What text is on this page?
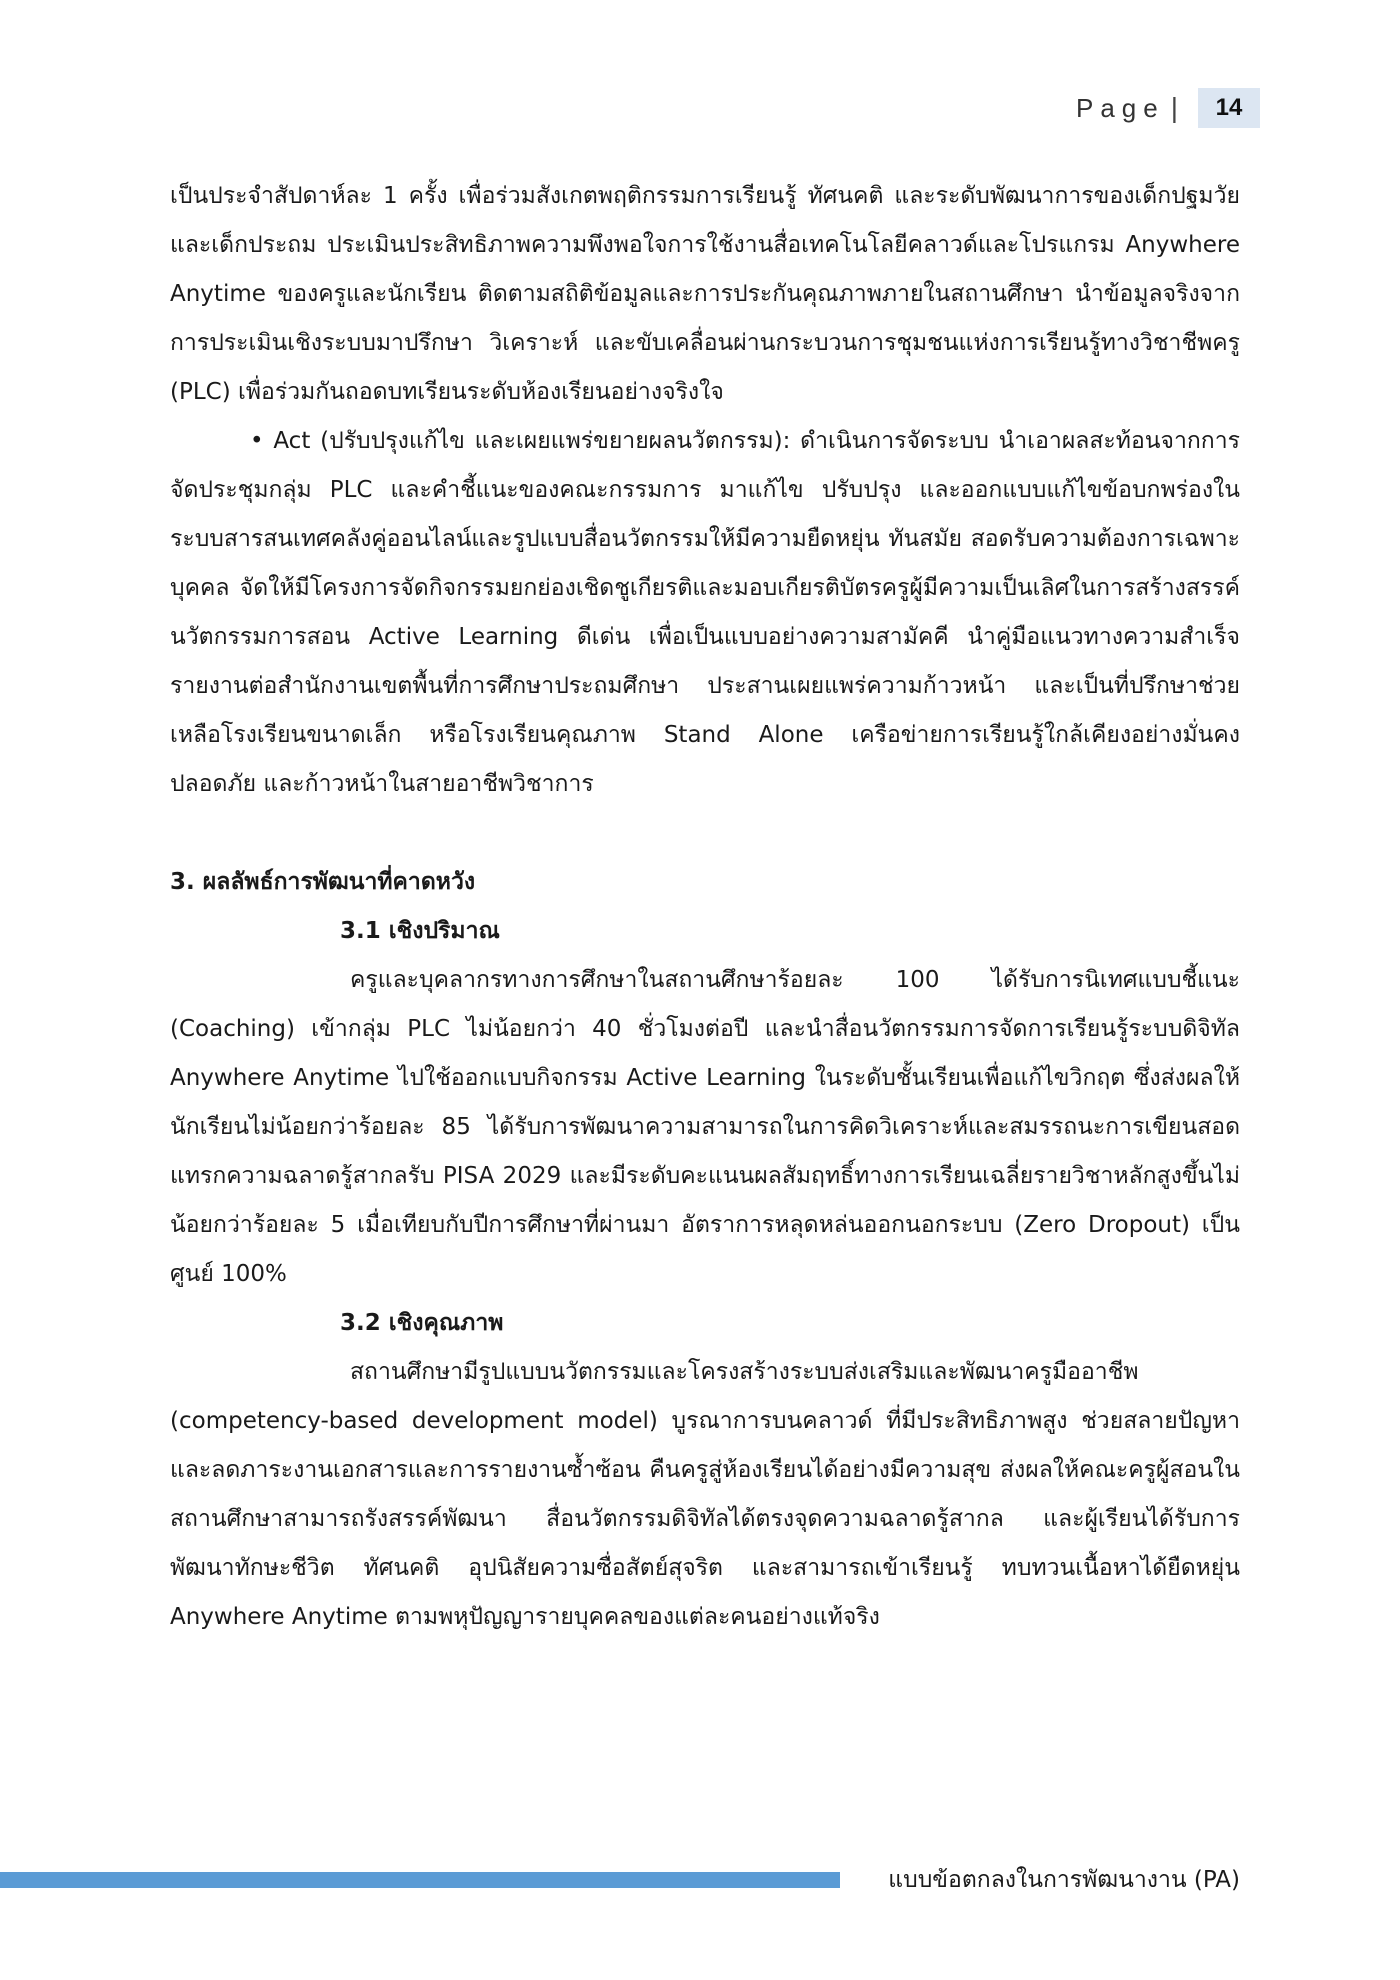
Page |	14

เป็นประจำสัปดาห์ละ 1 ครั้ง เพื่อร่วมสังเกตพฤติกรรมการเรียนรู้ ทัศนคติ และระดับพัฒนาการของเด็กปฐมวัยและเด็กประถม ประเมินประสิทธิภาพความพึงพอใจการใช้งานสื่อเทคโนโลยีคลาวด์และโปรแกรม Anywhere Anytime ของครูและนักเรียน ติดตามสถิติข้อมูลและการประกันคุณภาพภายในสถานศึกษา นำข้อมูลจริงจากการประเมินเชิงระบบมาปรึกษา วิเคราะห์ และขับเคลื่อนผ่านกระบวนการชุมชนแห่งการเรียนรู้ทางวิชาชีพครู (PLC) เพื่อร่วมกันถอดบทเรียนระดับห้องเรียนอย่างจริงใจ

• Act (ปรับปรุงแก้ไข และเผยแพร่ขยายผลนวัตกรรม): ดำเนินการจัดระบบ นำเอาผลสะท้อนจากการจัดประชุมกลุ่ม PLC และคำชี้แนะของคณะกรรมการ มาแก้ไข ปรับปรุง และออกแบบแก้ไขข้อบกพร่องในระบบสารสนเทศคลังคู่ออนไลน์และรูปแบบสื่อนวัตกรรมให้มีความยืดหยุ่น ทันสมัย สอดรับความต้องการเฉพาะบุคคล จัดให้มีโครงการจัดกิจกรรมยกย่องเชิดชูเกียรติและมอบเกียรติบัตรครูผู้มีความเป็นเลิศในการสร้างสรรค์นวัตกรรมการสอน Active Learning ดีเด่น เพื่อเป็นแบบอย่างความสามัคคี นำคู่มือแนวทางความสำเร็จรายงานต่อสำนักงานเขตพื้นที่การศึกษาประถมศึกษา ประสานเผยแพร่ความก้าวหน้า และเป็นที่ปรึกษาช่วยเหลือโรงเรียนขนาดเล็ก หรือโรงเรียนคุณภาพ Stand Alone เครือข่ายการเรียนรู้ใกล้เคียงอย่างมั่นคง ปลอดภัย และก้าวหน้าในสายอาชีพวิชาการ

3. ผลลัพธ์การพัฒนาที่คาดหวัง

3.1 เชิงปริมาณ

ครูและบุคลากรทางการศึกษาในสถานศึกษาร้อยละ 100 ได้รับการนิเทศแบบชี้แนะ (Coaching) เข้ากลุ่ม PLC ไม่น้อยกว่า 40 ชั่วโมงต่อปี และนำสื่อนวัตกรรมการจัดการเรียนรู้ระบบดิจิทัล Anywhere Anytime ไปใช้ออกแบบกิจกรรม Active Learning ในระดับชั้นเรียนเพื่อแก้ไขวิกฤต ซึ่งส่งผลให้นักเรียนไม่น้อยกว่าร้อยละ 85 ได้รับการพัฒนาความสามารถในการคิดวิเคราะห์และสมรรถนะการเขียนสอดแทรกความฉลาดรู้สากลรับ PISA 2029 และมีระดับคะแนนผลสัมฤทธิ์ทางการเรียนเฉลี่ยรายวิชาหลักสูงขึ้นไม่น้อยกว่าร้อยละ 5 เมื่อเทียบกับปีการศึกษาที่ผ่านมา อัตราการหลุดหล่นออกนอกระบบ (Zero Dropout) เป็นศูนย์ 100%

3.2 เชิงคุณภาพ

สถานศึกษามีรูปแบบนวัตกรรมและโครงสร้างระบบส่งเสริมและพัฒนาครูมืออาชีพ (competency-based development model) บูรณาการบนคลาวด์ ที่มีประสิทธิภาพสูง ช่วยสลายปัญหาและลดภาระงานเอกสารและการรายงานซ้ำซ้อน คืนครูสู่ห้องเรียนได้อย่างมีความสุข ส่งผลให้คณะครูผู้สอนในสถานศึกษาสามารถรังสรรค์พัฒนา สื่อนวัตกรรมดิจิทัลได้ตรงจุดความฉลาดรู้สากล และผู้เรียนได้รับการพัฒนาทักษะชีวิต ทัศนคติ อุปนิสัยความซื่อสัตย์สุจริต และสามารถเข้าเรียนรู้ ทบทวนเนื้อหาได้ยืดหยุ่น Anywhere Anytime ตามพหุปัญญารายบุคคลของแต่ละคนอย่างแท้จริง

แบบข้อตกลงในการพัฒนางาน (PA)
